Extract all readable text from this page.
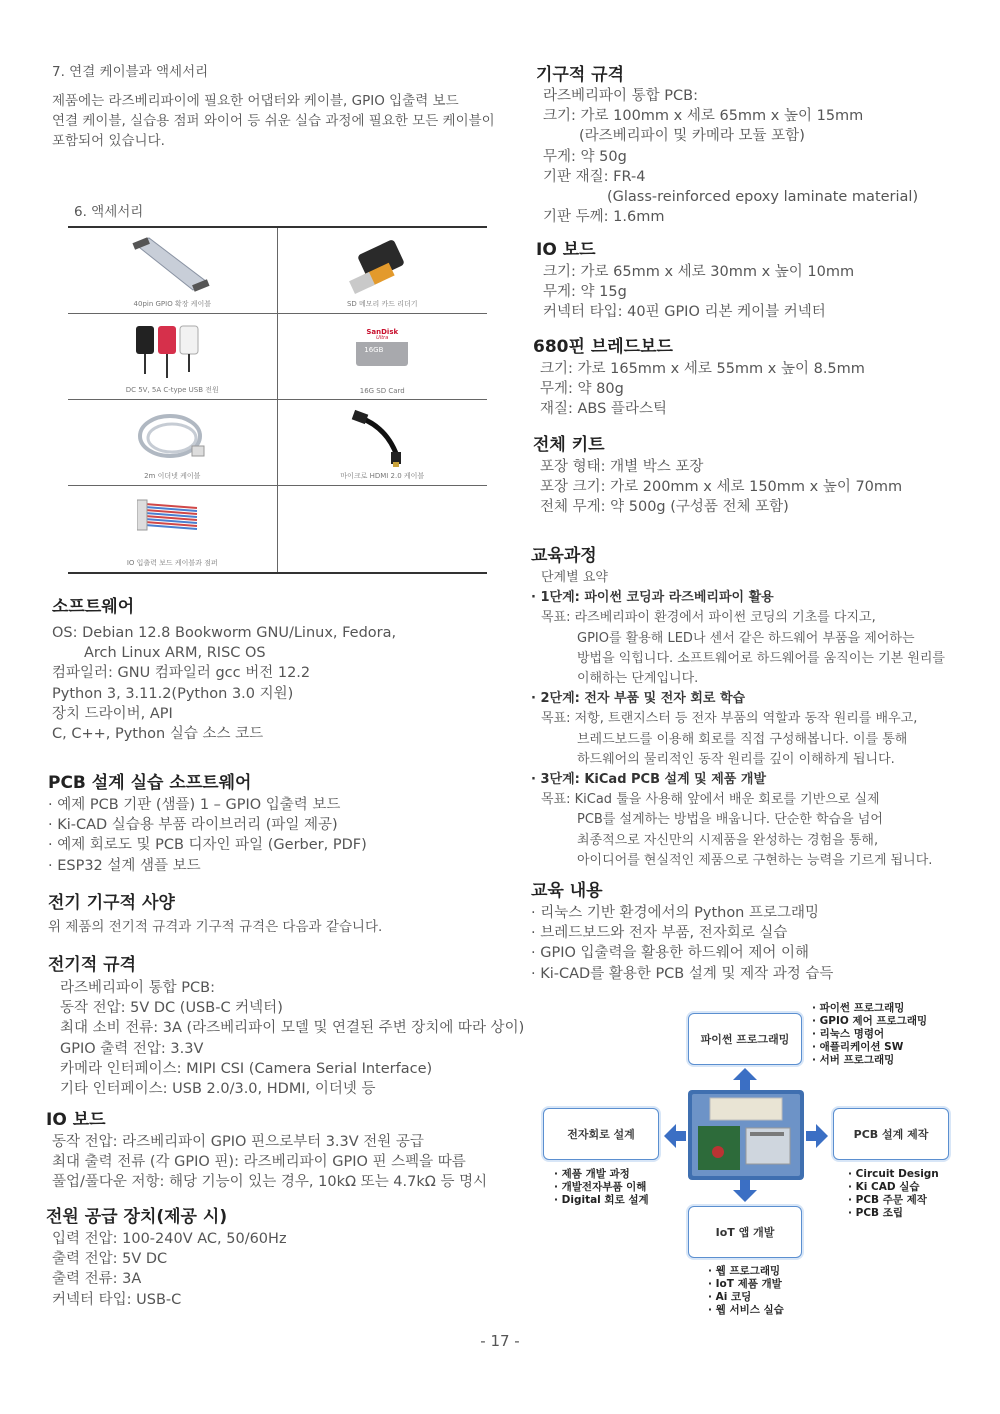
7. 연결 케이블과 액세서리
제품에는 라즈베리파이에 필요한 어댑터와 케이블, GPIO 입출력 보드
연결 케이블, 실습용 점퍼 와이어 등 쉬운 실습 과정에 필요한 모든 케이블이
포함되어 있습니다.
6. 액세서리
40pin GPIO 확장 케이블	SD 메모리 카드 리더기
DC 5V, 5A C-type USB 전원
SanDisk
Ultra
16GB
16G SD Card
2m 이더넷 케이블	마이크로 HDMI 2.0 케이블
IO 입출력 보드 케이블과 점퍼
소프트웨어
OS: Debian 12.8 Bookworm GNU/Linux, Fedora,
Arch Linux ARM, RISC OS
컴파일러: GNU 컴파일러 gcc 버전 12.2
Python 3, 3.11.2(Python 3.0 지원)
장치 드라이버, API
C, C++, Python 실습 소스 코드
PCB 설계 실습 소프트웨어
· 예제 PCB 기판 (샘플) 1 – GPIO 입출력 보드
· Ki-CAD 실습용 부품 라이브러리 (파일 제공)
· 예제 회로도 및 PCB 디자인 파일 (Gerber, PDF)
· ESP32 설계 샘플 보드
전기 기구적 사양
위 제품의 전기적 규격과 기구적 규격은 다음과 같습니다.
전기적 규격
라즈베리파이 통합 PCB:
동작 전압: 5V DC (USB-C 커넥터)
최대 소비 전류: 3A (라즈베리파이 모델 및 연결된 주변 장치에 따라 상이)
GPIO 출력 전압: 3.3V
카메라 인터페이스: MIPI CSI (Camera Serial Interface)
기타 인터페이스: USB 2.0/3.0, HDMI, 이더넷 등
IO 보드
동작 전압: 라즈베리파이 GPIO 핀으로부터 3.3V 전원 공급
최대 출력 전류 (각 GPIO 핀): 라즈베리파이 GPIO 핀 스펙을 따름
풀업/풀다운 저항: 해당 기능이 있는 경우, 10kΩ 또는 4.7kΩ 등 명시
전원 공급 장치(제공 시)
입력 전압: 100-240V AC, 50/60Hz
출력 전압: 5V DC
출력 전류: 3A
커넥터 타입: USB-C
기구적 규격
라즈베리파이 통합 PCB:
크기: 가로 100mm x 세로 65mm x 높이 15mm
(라즈베리파이 및 카메라 모듈 포함)
무게: 약 50g
기판 재질: FR-4
(Glass-reinforced epoxy laminate material)
기판 두께: 1.6mm
IO 보드
크기: 가로 65mm x 세로 30mm x 높이 10mm
무게: 약 15g
커넥터 타입: 40핀 GPIO 리본 케이블 커넥터
680핀 브레드보드
크기: 가로 165mm x 세로 55mm x 높이 8.5mm
무게: 약 80g
재질: ABS 플라스틱
전체 키트
포장 형태: 개별 박스 포장
포장 크기: 가로 200mm x 세로 150mm x 높이 70mm
전체 무게: 약 500g (구성품 전체 포함)
교육과정
단계별 요약
· 1단계: 파이썬 코딩과 라즈베리파이 활용
목표: 라즈베리파이 환경에서 파이썬 코딩의 기초를 다지고,
GPIO를 활용해 LED나 센서 같은 하드웨어 부품을 제어하는
방법을 익힙니다. 소프트웨어로 하드웨어를 움직이는 기본 원리를
이해하는 단계입니다.
· 2단계: 전자 부품 및 전자 회로 학습
목표: 저항, 트랜지스터 등 전자 부품의 역할과 동작 원리를 배우고,
브레드보드를 이용해 회로를 직접 구성해봅니다. 이를 통해
하드웨어의 물리적인 동작 원리를 깊이 이해하게 됩니다.
· 3단계: KiCad PCB 설계 및 제품 개발
목표: KiCad 툴을 사용해 앞에서 배운 회로를 기반으로 실제
PCB를 설계하는 방법을 배웁니다. 단순한 학습을 넘어
최종적으로 자신만의 시제품을 완성하는 경험을 통해,
아이디어를 현실적인 제품으로 구현하는 능력을 기르게 됩니다.
교육 내용
· 리눅스 기반 환경에서의 Python 프로그래밍
· 브레드보드와 전자 부품, 전자회로 실습
· GPIO 입출력을 활용한 하드웨어 제어 이해
· Ki-CAD를 활용한 PCB 설계 및 제작 과정 습득
· 파이썬 프로그래밍
· GPIO 제어 프로그래밍
· 리눅스 명령어
· 애플리케이션 SW
· 서버 프로그래밍
파이썬 프로그래밍
전자회로 설계
· 제품 개발 과정
· 개발전자부품 이해
· Digital 회로 설계
PCB 설계 제작
· Circuit Design
· Ki CAD 실습
· PCB 주문 제작
· PCB 조립
IoT 앱 개발
· 웹 프로그래밍
· IoT 제품 개발
· Ai 코딩
· 웹 서비스 실습
- 17 -
